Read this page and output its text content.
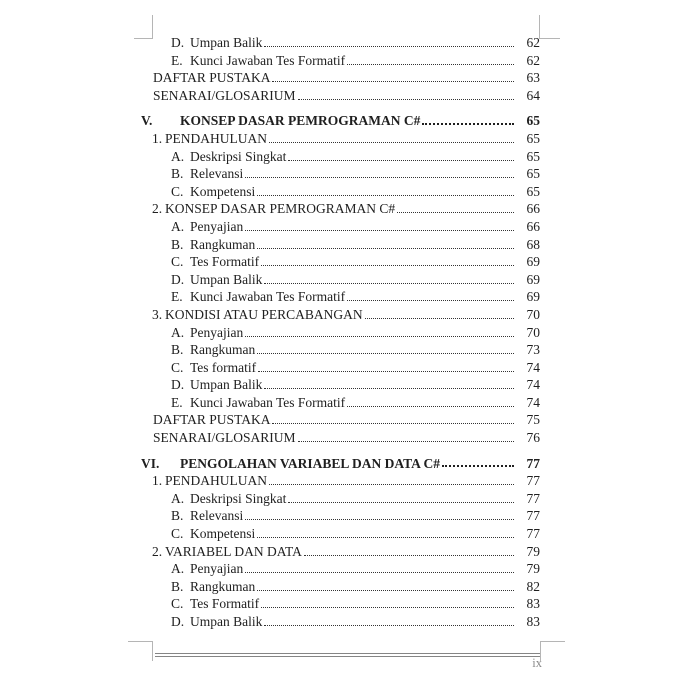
D. Umpan Balik	62
E. Kunci Jawaban Tes Formatif	62
DAFTAR PUSTAKA	63
SENARAI/GLOSARIUM	64
V.	KONSEP DASAR PEMROGRAMAN C#	65
1. PENDAHULUAN	65
A. Deskripsi Singkat	65
B. Relevansi	65
C. Kompetensi	65
2. KONSEP DASAR PEMROGRAMAN C#	66
A. Penyajian	66
B. Rangkuman	68
C. Tes Formatif	69
D. Umpan Balik	69
E. Kunci Jawaban Tes Formatif	69
3. KONDISI ATAU PERCABANGAN	70
A. Penyajian	70
B. Rangkuman	73
C. Tes formatif	74
D. Umpan Balik	74
E. Kunci Jawaban Tes Formatif	74
DAFTAR PUSTAKA	75
SENARAI/GLOSARIUM	76
VI.	PENGOLAHAN VARIABEL DAN DATA C#	77
1. PENDAHULUAN	77
A. Deskripsi Singkat	77
B. Relevansi	77
C. Kompetensi	77
2. VARIABEL DAN DATA	79
A. Penyajian	79
B. Rangkuman	82
C. Tes Formatif	83
D. Umpan Balik	83
ix
